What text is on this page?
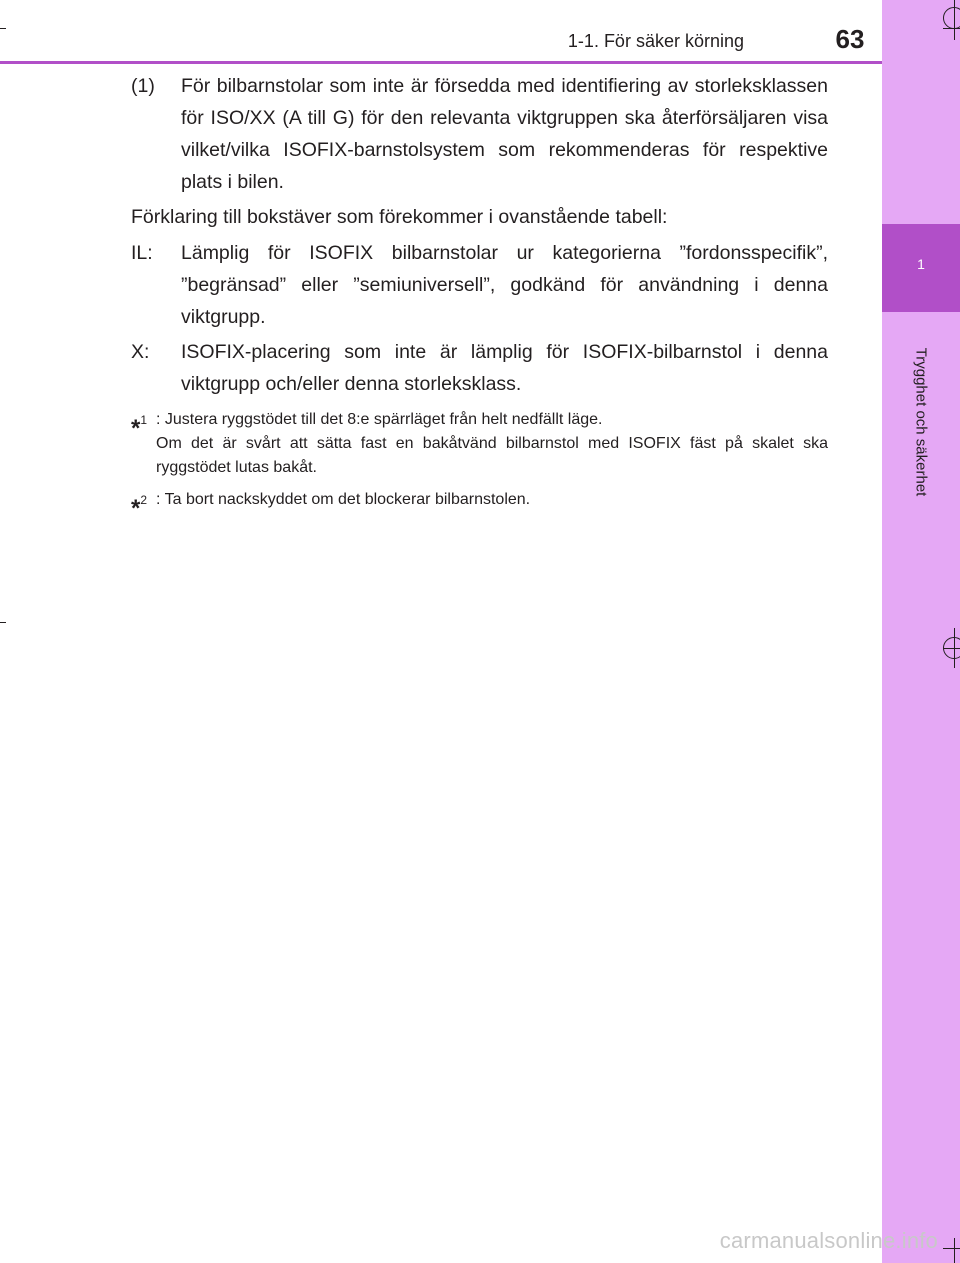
1-1. För säker körning	63
1
Trygghet och säkerhet
(1)	För bilbarnstolar som inte är försedda med identifiering av storleksklassen för ISO/XX (A till G) för den relevanta viktgruppen ska återförsäljaren visa vilket/vilka ISOFIX-barnstolsystem som rekommenderas för respektive plats i bilen.
Förklaring till bokstäver som förekommer i ovanstående tabell:
IL:	Lämplig för ISOFIX bilbarnstolar ur kategorierna ”fordonsspecifik”, ”begränsad” eller ”semiuniversell”, godkänd för användning i denna viktgrupp.
X:	ISOFIX-placering som inte är lämplig för ISOFIX-bilbarnstol i denna viktgrupp och/eller denna storleksklass.
*$^1$ : Justera ryggstödet till det 8:e spärrläget från helt nedfällt läge.
Om det är svårt att sätta fast en bakåtvänd bilbarnstol med ISOFIX fäst på skalet ska ryggstödet lutas bakåt.
*$^2$ : Ta bort nackskyddet om det blockerar bilbarnstolen.
carmanualsonline.info
